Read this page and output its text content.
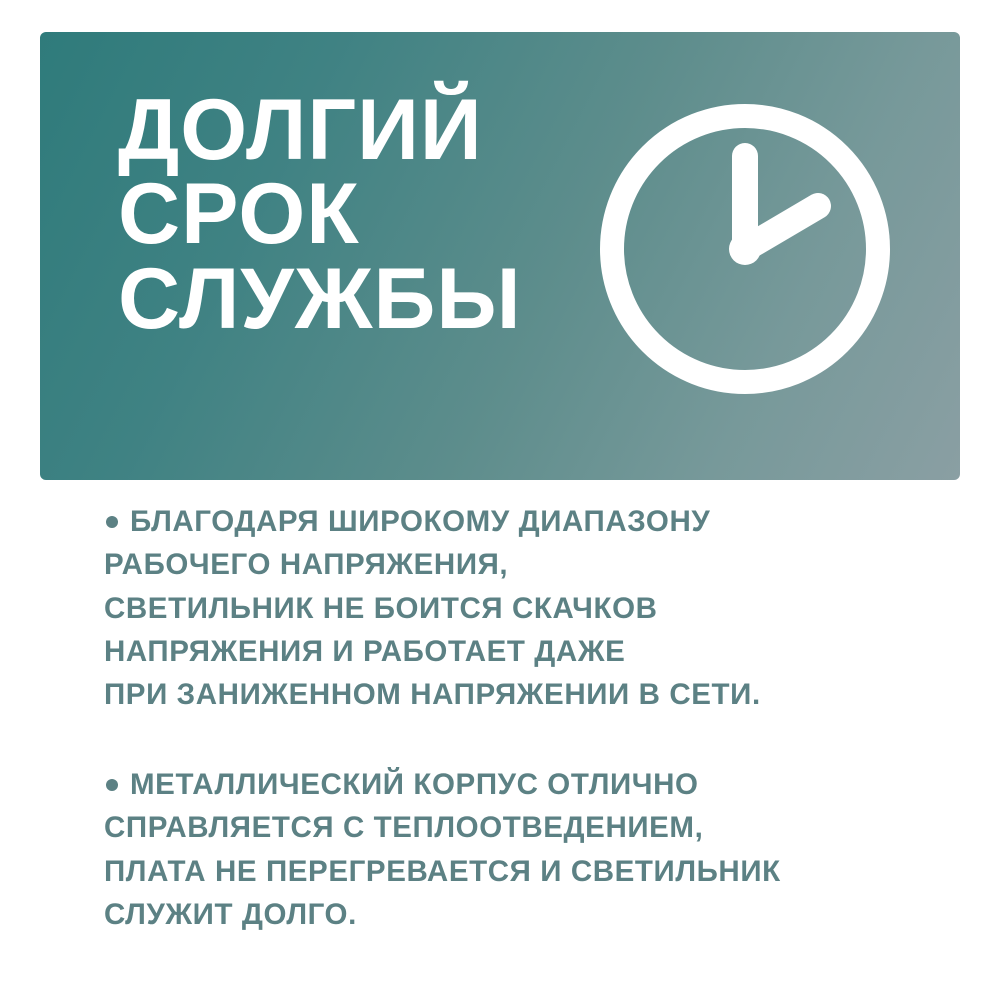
ДОЛГИЙ
СРОК
СЛУЖБЫ
БЛАГОДАРЯ ШИРОКОМУ ДИАПАЗОНУ
РАБОЧЕГО НАПРЯЖЕНИЯ,
СВЕТИЛЬНИК НЕ БОИТСЯ СКАЧКОВ
НАПРЯЖЕНИЯ И РАБОТАЕТ ДАЖЕ
ПРИ ЗАНИЖЕННОМ НАПРЯЖЕНИИ В СЕТИ.
МЕТАЛЛИЧЕСКИЙ КОРПУС ОТЛИЧНО
СПРАВЛЯЕТСЯ С ТЕПЛООТВЕДЕНИЕМ,
ПЛАТА НЕ ПЕРЕГРЕВАЕТСЯ И СВЕТИЛЬНИК
СЛУЖИТ ДОЛГО.
